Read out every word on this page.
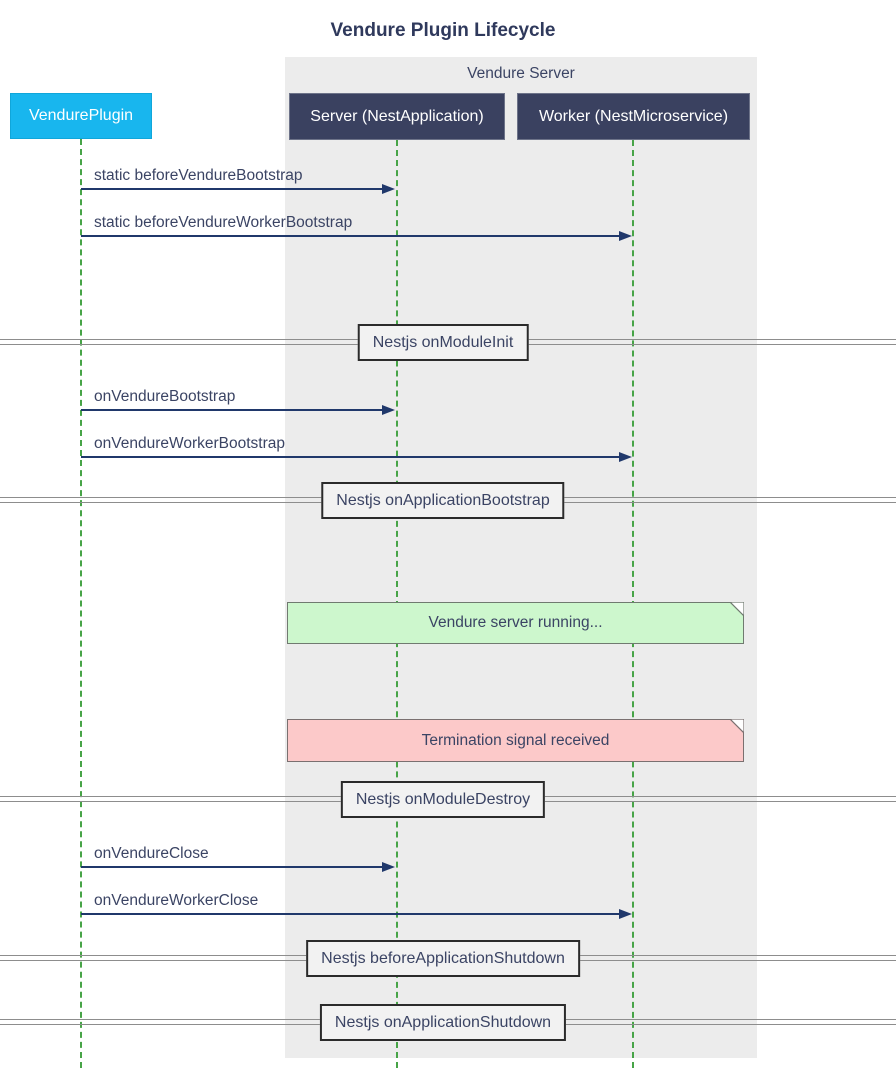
Vendure Plugin Lifecycle
Vendure Server
static beforeVendureBootstrap
static beforeVendureWorkerBootstrap
onVendureBootstrap
onVendureWorkerBootstrap
onVendureClose
onVendureWorkerClose
Vendure server running...
Termination signal received
Nestjs onModuleInit
Nestjs onApplicationBootstrap
Nestjs onModuleDestroy
Nestjs beforeApplicationShutdown
Nestjs onApplicationShutdown
VendurePlugin	Server (NestApplication)	Worker (NestMicroservice)
